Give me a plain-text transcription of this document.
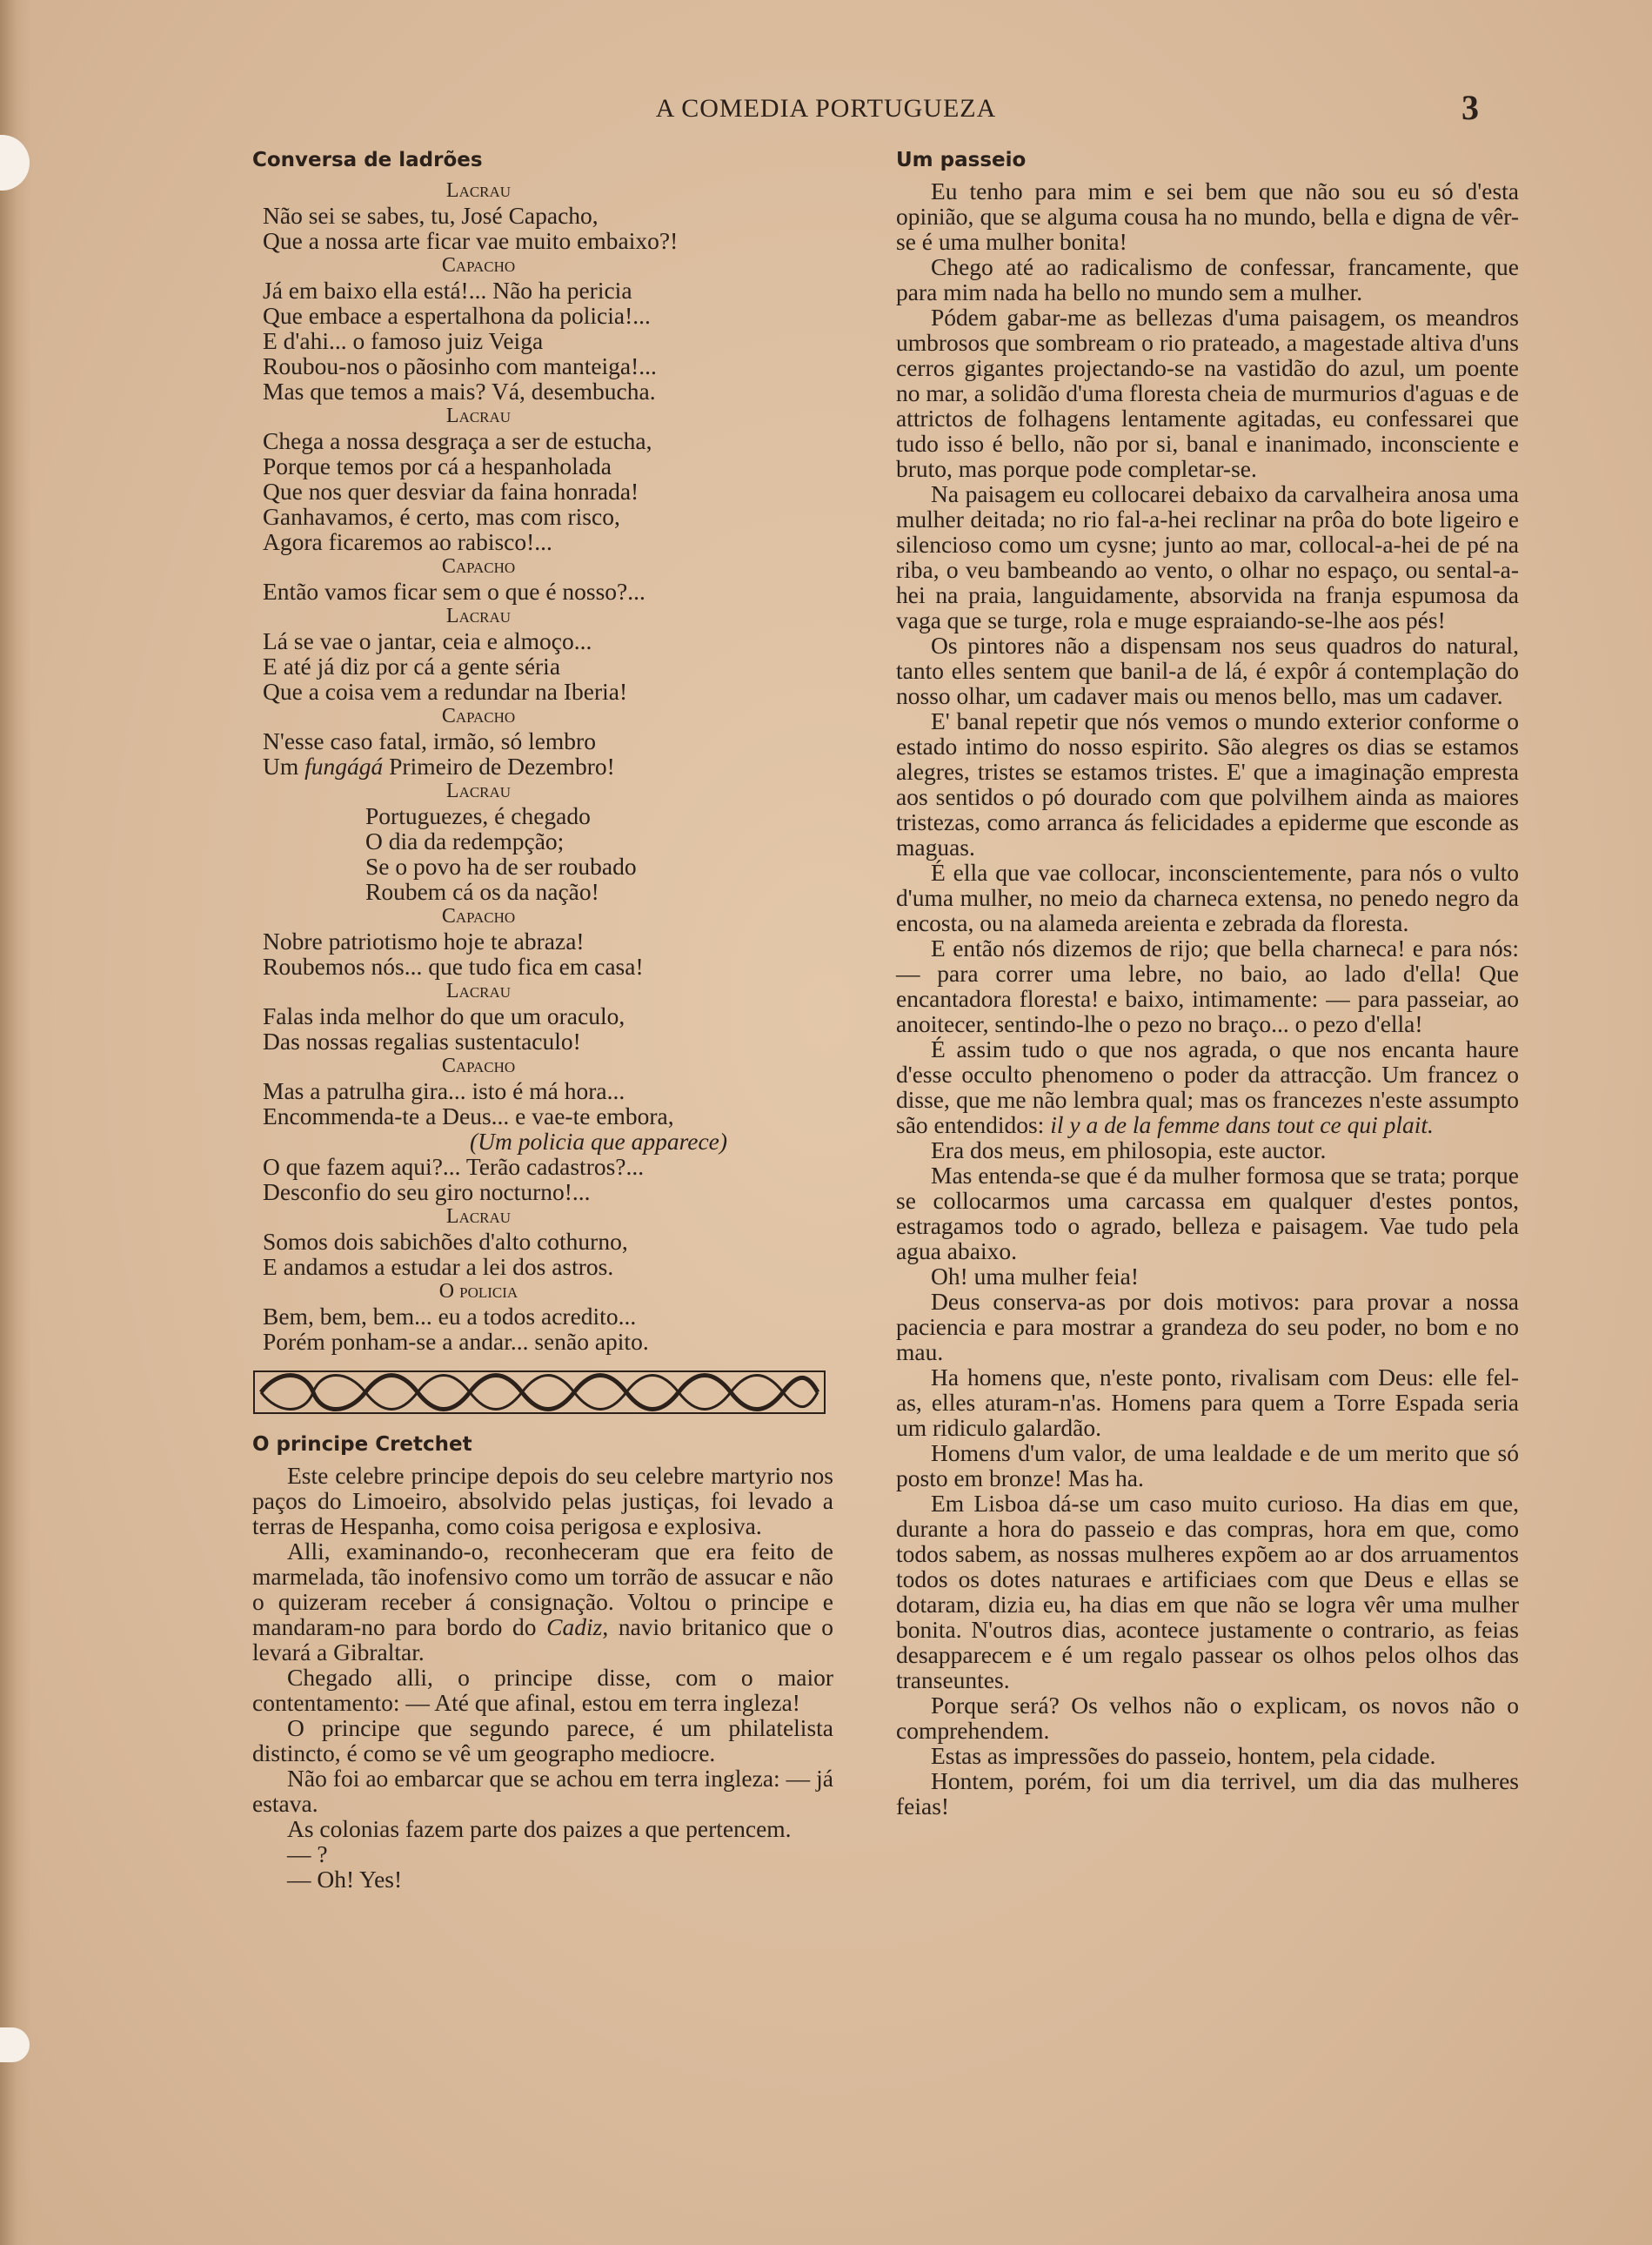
A COMEDIA PORTUGUEZA	3
Conversa de ladrões
Lacrau
Não sei se sabes, tu, José Capacho,
Que a nossa arte ficar vae muito embaixo?!
Capacho
Já em baixo ella está!... Não ha pericia
Que embace a espertalhona da policia!...
E d'ahi... o famoso juiz Veiga
Roubou-nos o pãosinho com manteiga!...
Mas que temos a mais? Vá, desembucha.
Lacrau
Chega a nossa desgraça a ser de estucha,
Porque temos por cá a hespanholada
Que nos quer desviar da faina honrada!
Ganhavamos, é certo, mas com risco,
Agora ficaremos ao rabisco!...
Capacho
Então vamos ficar sem o que é nosso?...
Lacrau
Lá se vae o jantar, ceia e almoço...
E até já diz por cá a gente séria
Que a coisa vem a redundar na Iberia!
Capacho
N'esse caso fatal, irmão, só lembro
Um fungágá Primeiro de Dezembro!
Lacrau
Portuguezes, é chegado
O dia da redempção;
Se o povo ha de ser roubado
Roubem cá os da nação!
Capacho
Nobre patriotismo hoje te abraza!
Roubemos nós... que tudo fica em casa!
Lacrau
Falas inda melhor do que um oraculo,
Das nossas regalias sustentaculo!
Capacho
Mas a patrulha gira... isto é má hora...
Encommenda-te a Deus... e vae-te embora,
(Um policia que apparece)
O que fazem aqui?... Terão cadastros?...
Desconfio do seu giro nocturno!...
Lacrau
Somos dois sabichões d'alto cothurno,
E andamos a estudar a lei dos astros.
O policia
Bem, bem, bem... eu a todos acredito...
Porém ponham-se a andar... senão apito.
O principe Cretchet
Este celebre principe depois do seu celebre martyrio nos paços do Limoeiro, absolvido pelas justiças, foi levado a terras de Hespanha, como coisa perigosa e explosiva.
Alli, examinando-o, reconheceram que era feito de marmelada, tão inofensivo como um torrão de assucar e não o quizeram receber á consignação. Voltou o principe e mandaram-no para bordo do Cadiz, navio britanico que o levará a Gibraltar.
Chegado alli, o principe disse, com o maior contentamento: — Até que afinal, estou em terra ingleza!
O principe que segundo parece, é um philatelista distincto, é como se vê um geographo mediocre.
Não foi ao embarcar que se achou em terra ingleza: — já estava.
As colonias fazem parte dos paizes a que pertencem.
— ?
— Oh! Yes!
Um passeio
Eu tenho para mim e sei bem que não sou eu só d'esta opinião, que se alguma cousa ha no mundo, bella e digna de vêr-se é uma mulher bonita!
Chego até ao radicalismo de confessar, francamente, que para mim nada ha bello no mundo sem a mulher.
Pódem gabar-me as bellezas d'uma paisagem, os meandros umbrosos que sombream o rio prateado, a magestade altiva d'uns cerros gigantes projectando-se na vastidão do azul, um poente no mar, a solidão d'uma floresta cheia de murmurios d'aguas e de attrictos de folhagens lentamente agitadas, eu confessarei que tudo isso é bello, não por si, banal e inanimado, inconsciente e bruto, mas porque pode completar-se.
Na paisagem eu collocarei debaixo da carvalheira anosa uma mulher deitada; no rio fal-a-hei reclinar na prôa do bote ligeiro e silencioso como um cysne; junto ao mar, collocal-a-hei de pé na riba, o veu bambeando ao vento, o olhar no espaço, ou sental-a-hei na praia, languidamente, absorvida na franja espumosa da vaga que se turge, rola e muge espraiando-se-lhe aos pés!
Os pintores não a dispensam nos seus quadros do natural, tanto elles sentem que banil-a de lá, é expôr á contemplação do nosso olhar, um cadaver mais ou menos bello, mas um cadaver.
E' banal repetir que nós vemos o mundo exterior conforme o estado intimo do nosso espirito. São alegres os dias se estamos alegres, tristes se estamos tristes. E' que a imaginação empresta aos sentidos o pó dourado com que polvilhem ainda as maiores tristezas, como arranca ás felicidades a epiderme que esconde as maguas.
É ella que vae collocar, inconscientemente, para nós o vulto d'uma mulher, no meio da charneca extensa, no penedo negro da encosta, ou na alameda areienta e zebrada da floresta.
E então nós dizemos de rijo; que bella charneca! e para nós: — para correr uma lebre, no baio, ao lado d'ella! Que encantadora floresta! e baixo, intimamente: — para passeiar, ao anoitecer, sentindo-lhe o pezo no braço... o pezo d'ella!
É assim tudo o que nos agrada, o que nos encanta haure d'esse occulto phenomeno o poder da attracção. Um francez o disse, que me não lembra qual; mas os francezes n'este assumpto são entendidos: il y a de la femme dans tout ce qui plait.
Era dos meus, em philosopia, este auctor.
Mas entenda-se que é da mulher formosa que se trata; porque se collocarmos uma carcassa em qualquer d'estes pontos, estragamos todo o agrado, belleza e paisagem. Vae tudo pela agua abaixo.
Oh! uma mulher feia!
Deus conserva-as por dois motivos: para provar a nossa paciencia e para mostrar a grandeza do seu poder, no bom e no mau.
Ha homens que, n'este ponto, rivalisam com Deus: elle fel-as, elles aturam-n'as. Homens para quem a Torre Espada seria um ridiculo galardão.
Homens d'um valor, de uma lealdade e de um merito que só posto em bronze! Mas ha.
Em Lisboa dá-se um caso muito curioso. Ha dias em que, durante a hora do passeio e das compras, hora em que, como todos sabem, as nossas mulheres expõem ao ar dos arruamentos todos os dotes naturaes e artificiaes com que Deus e ellas se dotaram, dizia eu, ha dias em que não se logra vêr uma mulher bonita. N'outros dias, acontece justamente o contrario, as feias desapparecem e é um regalo passear os olhos pelos olhos das transeuntes.
Porque será? Os velhos não o explicam, os novos não o comprehendem.
Estas as impressões do passeio, hontem, pela cidade.
Hontem, porém, foi um dia terrivel, um dia das mulheres feias!
